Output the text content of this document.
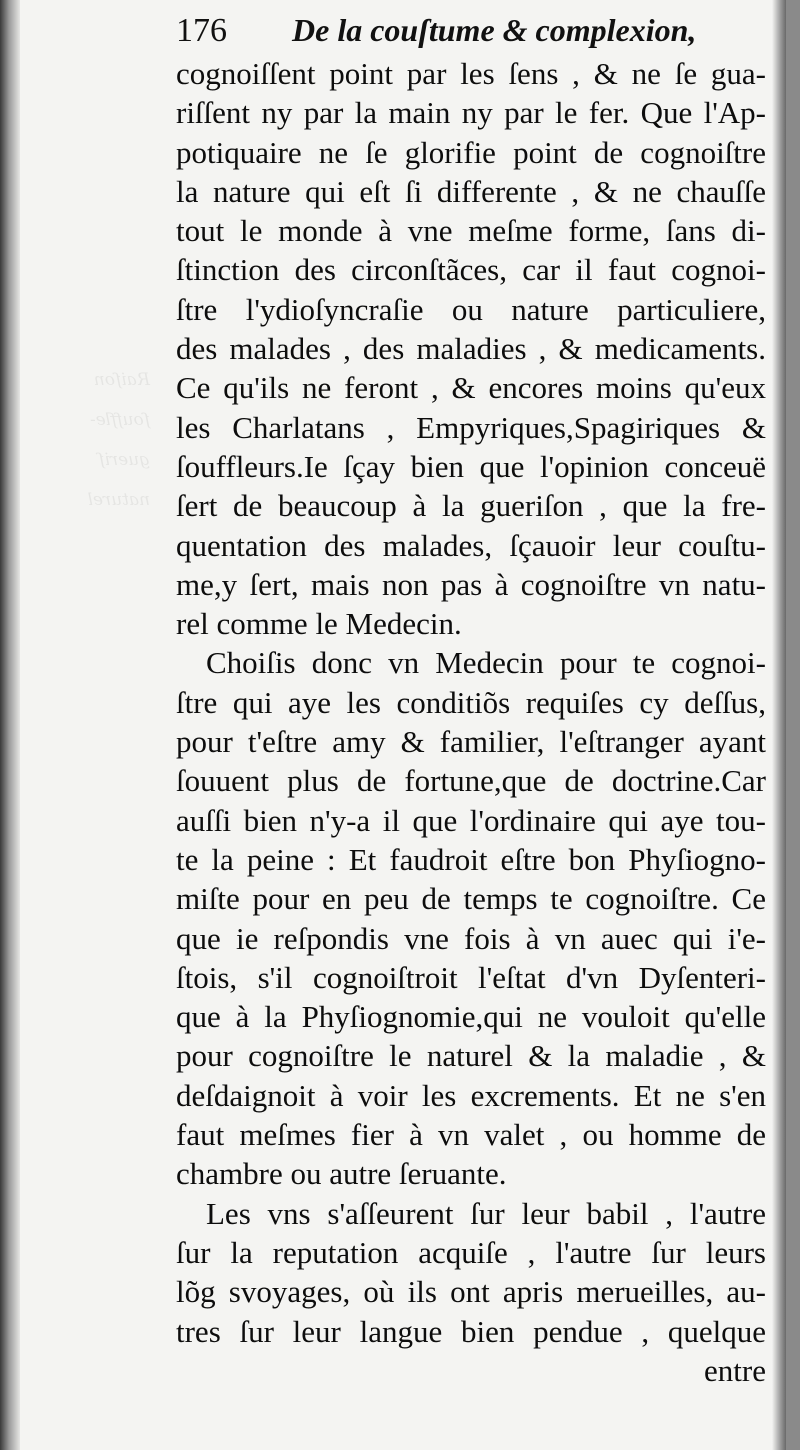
Raiſon
ſouffle-
gueriſ
naturel
176 De la couſtume & complexion,
cognoiſſent point par les ſens , & ne ſe gua-
riſſent ny par la main ny par le fer. Que l'Ap-
potiquaire ne ſe glorifie point de cognoiſtre
la nature qui eſt ſi differente , & ne chauſſe
tout le monde à vne meſme forme, ſans di-
ſtinction des circonſtãces, car il faut cognoi-
ſtre l'ydioſyncraſie ou nature particuliere,
des malades , des maladies , & medicaments.
Ce qu'ils ne feront , & encores moins qu'eux
les Charlatans , Empyriques,Spagiriques &
ſouffleurs.Ie ſçay bien que l'opinion conceuë
ſert de beaucoup à la gueriſon , que la fre-
quentation des malades, ſçauoir leur couſtu-
me,y ſert, mais non pas à cognoiſtre vn natu-
rel comme le Medecin.
Choiſis donc vn Medecin pour te cognoi-
ſtre qui aye les conditiõs requiſes cy deſſus,
pour t'eſtre amy & familier, l'eſtranger ayant
ſouuent plus de fortune,que de doctrine.Car
auſſi bien n'y-a il que l'ordinaire qui aye tou-
te la peine : Et faudroit eſtre bon Phyſiogno-
miſte pour en peu de temps te cognoiſtre. Ce
que ie reſpondis vne fois à vn auec qui i'e-
ſtois, s'il cognoiſtroit l'eſtat d'vn Dyſenteri-
que à la Phyſiognomie,qui ne vouloit qu'elle
pour cognoiſtre le naturel & la maladie , &
deſdaignoit à voir les excrements. Et ne s'en
faut meſmes fier à vn valet , ou homme de
chambre ou autre ſeruante.
Les vns s'aſſeurent ſur leur babil , l'autre
ſur la reputation acquiſe , l'autre ſur leurs
lõg svoyages, où ils ont apris merueilles, au-
tres ſur leur langue bien pendue , quelque
entre
